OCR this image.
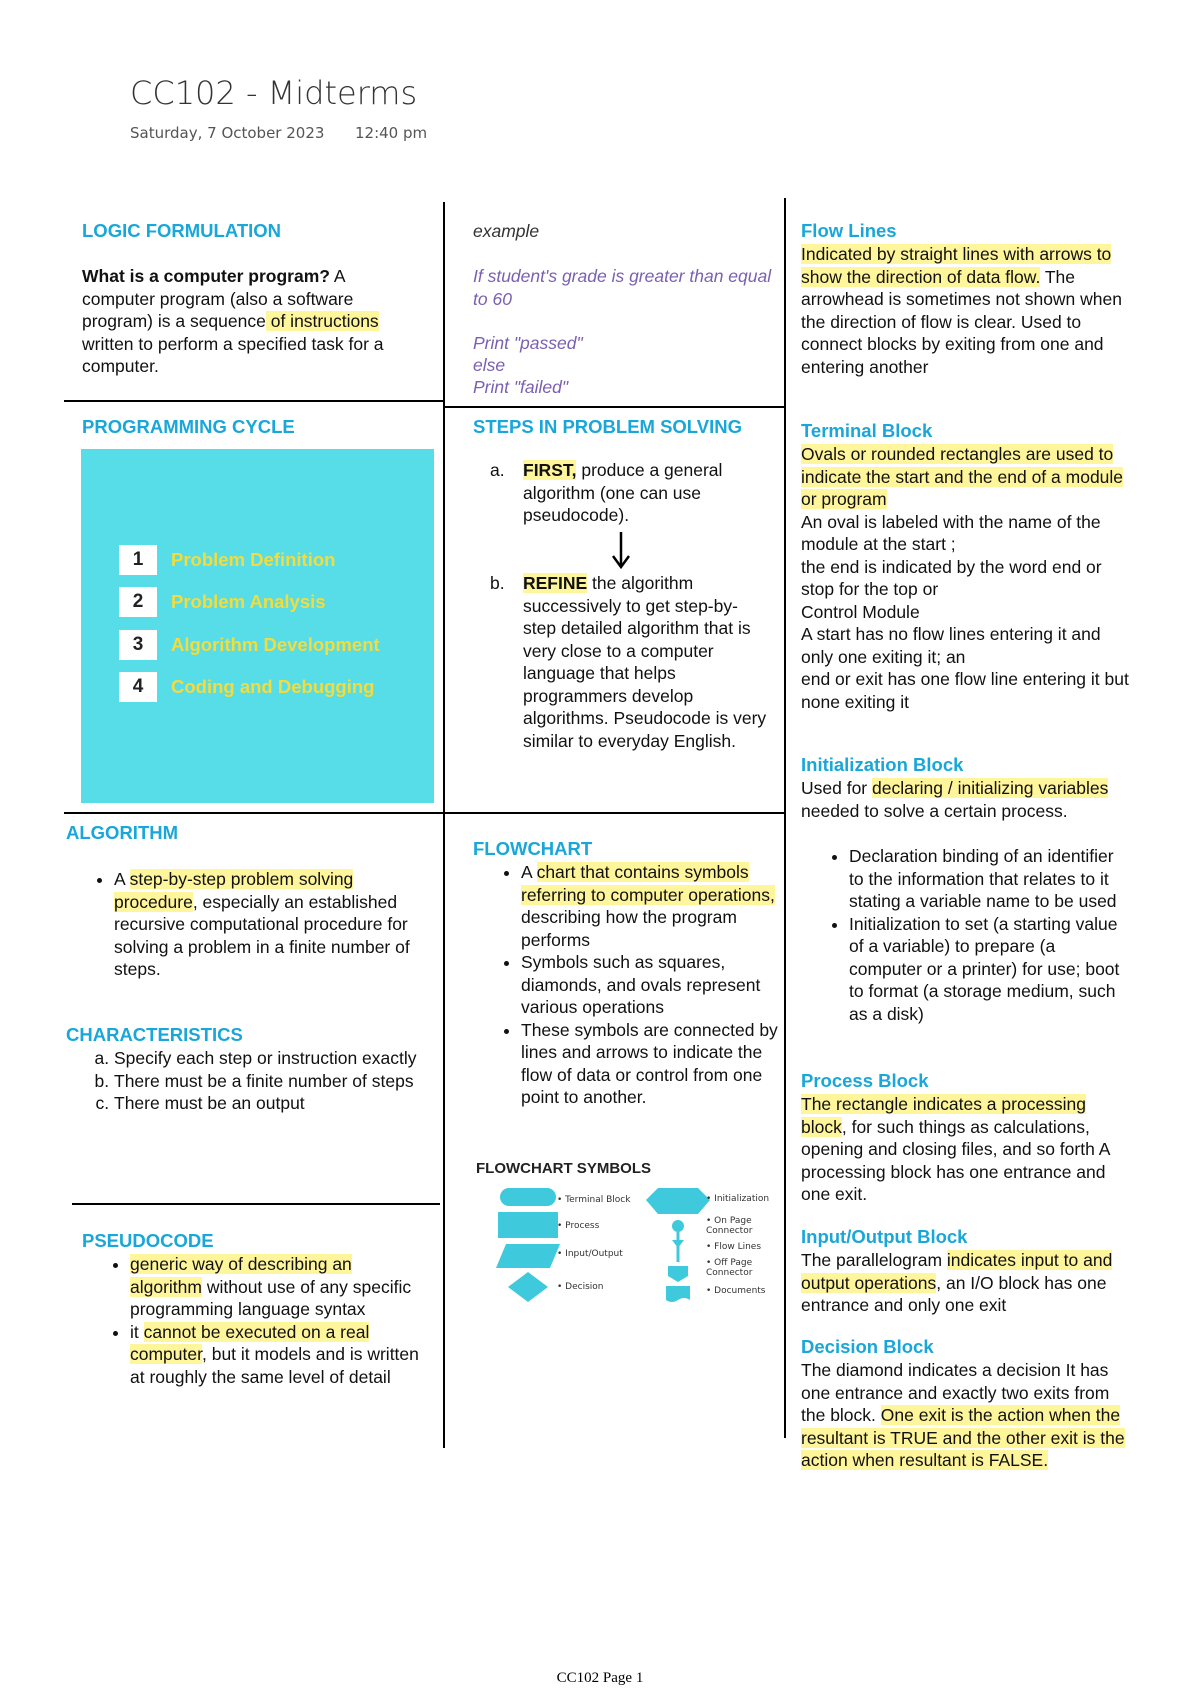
CC102 - Midterms
Saturday, 7 October 2023 12:40 pm
LOGIC FORMULATION
What is a computer program? A computer program (also a software program) is a sequence of instructions written to perform a specified task for a computer.
example
If student's grade is greater than equal to 60
Print "passed"
else
Print "failed"
PROGRAMMING CYCLE
1	Problem Definition
2	Problem Analysis
3	Algorithm Development
4	Coding and Debugging
STEPS IN PROBLEM SOLVING
a. FIRST, produce a general algorithm (one can use pseudocode).
b. REFINE the algorithm successively to get step-by-step detailed algorithm that is very close to a computer language that helps programmers develop algorithms. Pseudocode is very similar to everyday English.
ALGORITHM
• A step-by-step problem solving procedure, especially an established recursive computational procedure for solving a problem in a finite number of steps.
CHARACTERISTICS
a. Specify each step or instruction exactly
b. There must be a finite number of steps
c. There must be an output
PSEUDOCODE
• generic way of describing an algorithm without use of any specific programming language syntax
• it cannot be executed on a real computer, but it models and is written at roughly the same level of detail
FLOWCHART
• A chart that contains symbols referring to computer operations, describing how the program performs
• Symbols such as squares, diamonds, and ovals represent various operations
• These symbols are connected by lines and arrows to indicate the flow of data or control from one point to another.
FLOWCHART SYMBOLS
• Terminal Block
• Process
• Input/Output
• Decision
• Initialization
• On Page Connector
• Flow Lines
• Off Page Connector
• Documents
Flow Lines
Indicated by straight lines with arrows to show the direction of data flow. The arrowhead is sometimes not shown when the direction of flow is clear. Used to connect blocks by exiting from one and entering another
Terminal Block
Ovals or rounded rectangles are used to indicate the start and the end of a module or program
An oval is labeled with the name of the module at the start ;
the end is indicated by the word end or stop for the top or
Control Module
A start has no flow lines entering it and only one exiting it; an
end or exit has one flow line entering it but none exiting it
Initialization Block
Used for declaring / initializing variables needed to solve a certain process.
• Declaration binding of an identifier to the information that relates to it stating a variable name to be used
• Initialization to set (a starting value of a variable) to prepare (a computer or a printer) for use; boot to format (a storage medium, such as a disk)
Process Block
The rectangle indicates a processing block, for such things as calculations, opening and closing files, and so forth A processing block has one entrance and one exit.
Input/Output Block
The parallelogram indicates input to and output operations, an I/O block has one entrance and only one exit
Decision Block
The diamond indicates a decision It has one entrance and exactly two exits from the block. One exit is the action when the resultant is TRUE and the other exit is the action when resultant is FALSE.
CC102 Page 1
